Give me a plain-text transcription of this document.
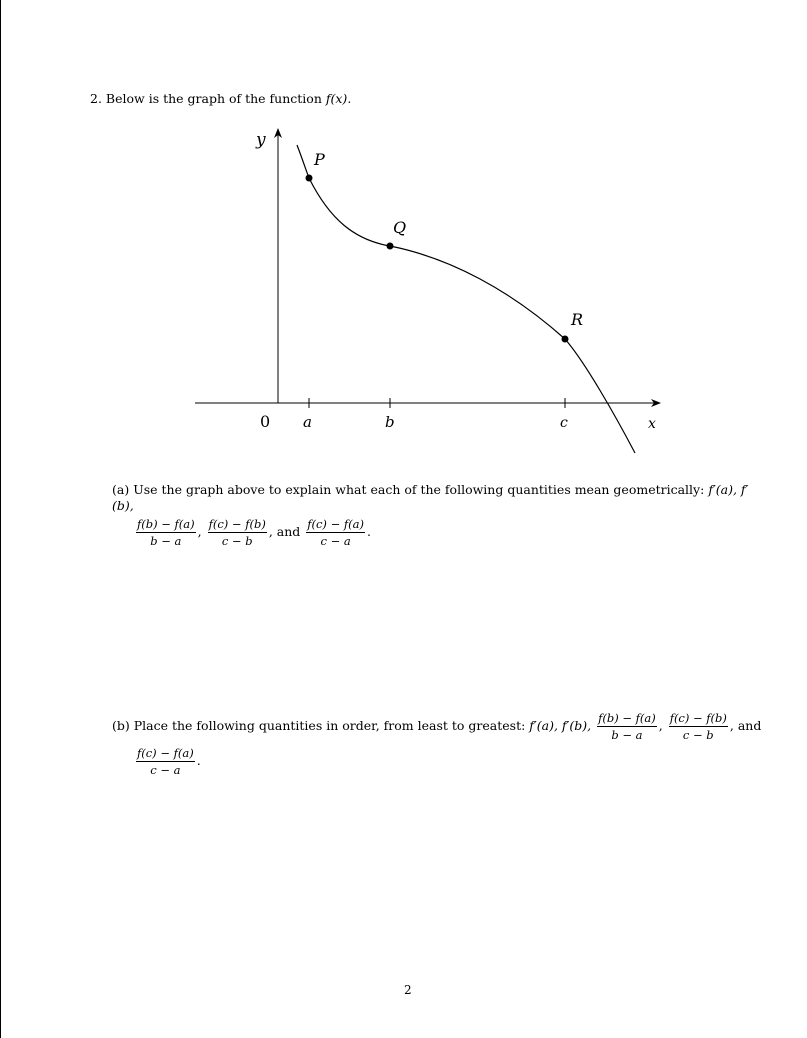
2. Below is the graph of the function f(x).
y
x
0 a	b	c
P
Q
R
(a) Use the graph above to explain what each of the following quantities mean geometrically: f′(a), f′(b),
$\frac{f(b) - f(a)}{b - a}$ , $\frac{f(c) - f(b)}{c - b}$ , and $\frac{f(c) - f(a)}{c - a}$ .
(b) Place the following quantities in order, from least to greatest: f′(a), f′(b), $\frac{f(b) - f(a)}{b - a}$ , $\frac{f(c) - f(b)}{c - b}$ , and
$\frac{f(c) - f(a)}{c - a}$ .
2
